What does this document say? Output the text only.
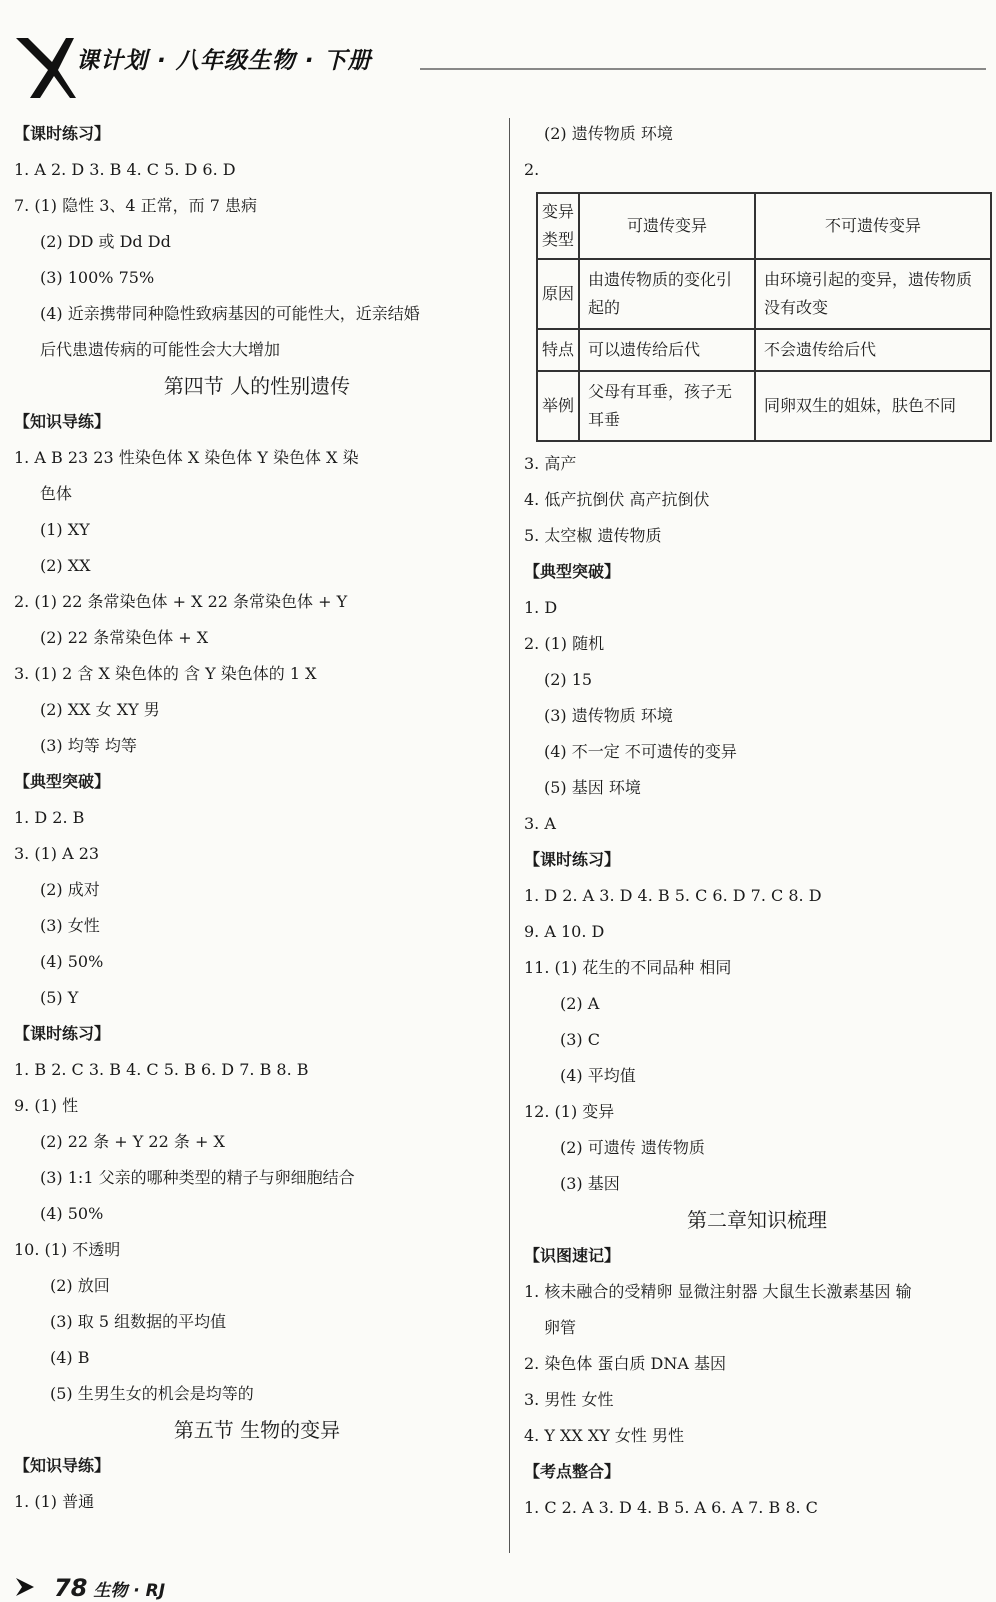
课计划 · 八年级生物 · 下册
【课时练习】
1. A 2. D 3. B 4. C 5. D 6. D
7. (1) 隐性 3、4 正常，而 7 患病
(2) DD 或 Dd Dd
(3) 100% 75%
(4) 近亲携带同种隐性致病基因的可能性大，近亲结婚
后代患遗传病的可能性会大大增加
第四节 人的性别遗传
【知识导练】
1. A B 23 23 性染色体 X 染色体 Y 染色体 X 染
色体
(1) XY
(2) XX
2. (1) 22 条常染色体 + X 22 条常染色体 + Y
(2) 22 条常染色体 + X
3. (1) 2 含 X 染色体的 含 Y 染色体的 1 X
(2) XX 女 XY 男
(3) 均等 均等
【典型突破】
1. D 2. B
3. (1) A 23
(2) 成对
(3) 女性
(4) 50%
(5) Y
【课时练习】
1. B 2. C 3. B 4. C 5. B 6. D 7. B 8. B
9. (1) 性
(2) 22 条 + Y 22 条 + X
(3) 1:1 父亲的哪种类型的精子与卵细胞结合
(4) 50%
10. (1) 不透明
(2) 放回
(3) 取 5 组数据的平均值
(4) B
(5) 生男生女的机会是均等的
第五节 生物的变异
【知识导练】
1. (1) 普通
(2) 遗传物质 环境
2.
变异类型	可遗传变异	不可遗传变异
原因	由遗传物质的变化引起的	由环境引起的变异，遗传物质没有改变
特点	可以遗传给后代	不会遗传给后代
举例	父母有耳垂，孩子无耳垂	同卵双生的姐妹，肤色不同
3. 高产
4. 低产抗倒伏 高产抗倒伏
5. 太空椒 遗传物质
【典型突破】
1. D
2. (1) 随机
(2) 15
(3) 遗传物质 环境
(4) 不一定 不可遗传的变异
(5) 基因 环境
3. A
【课时练习】
1. D 2. A 3. D 4. B 5. C 6. D 7. C 8. D
9. A 10. D
11. (1) 花生的不同品种 相同
(2) A
(3) C
(4) 平均值
12. (1) 变异
(2) 可遗传 遗传物质
(3) 基因
第二章知识梳理
【识图速记】
1. 核未融合的受精卵 显微注射器 大鼠生长激素基因 输
卵管
2. 染色体 蛋白质 DNA 基因
3. 男性 女性
4. Y XX XY 女性 男性
【考点整合】
1. C 2. A 3. D 4. B 5. A 6. A 7. B 8. C
78 生物 · RJ
